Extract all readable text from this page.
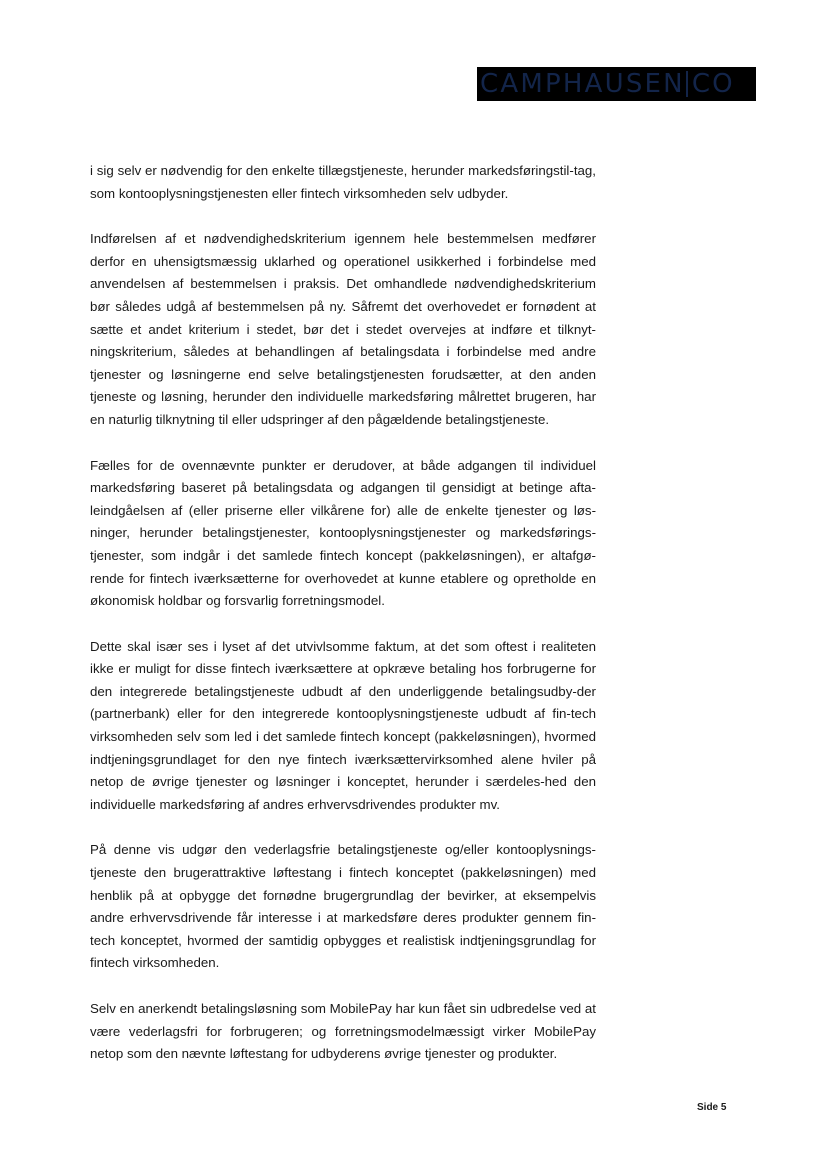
CAMPHAUSEN CO

i sig selv er nødvendig for den enkelte tillægstjeneste, herunder markedsføringstil-tag, som kontooplysningstjenesten eller fintech virksomheden selv udbyder.

Indførelsen af et nødvendighedskriterium igennem hele bestemmelsen medfører derfor en uhensigtsmæssig uklarhed og operationel usikkerhed i forbindelse med anvendelsen af bestemmelsen i praksis. Det omhandlede nødvendighedskriterium bør således udgå af bestemmelsen på ny. Såfremt det overhovedet er fornødent at sætte et andet kriterium i stedet, bør det i stedet overvejes at indføre et tilknyt-ningskriterium, således at behandlingen af betalingsdata i forbindelse med andre tjenester og løsningerne end selve betalingstjenesten forudsætter, at den anden tjeneste og løsning, herunder den individuelle markedsføring målrettet brugeren, har en naturlig tilknytning til eller udspringer af den pågældende betalingstjeneste.

Fælles for de ovennævnte punkter er derudover, at både adgangen til individuel markedsføring baseret på betalingsdata og adgangen til gensidigt at betinge afta-leindgåelsen af (eller priserne eller vilkårene for) alle de enkelte tjenester og løs-ninger, herunder betalingstjenester, kontooplysningstjenester og markedsførings-tjenester, som indgår i det samlede fintech koncept (pakkeløsningen), er altafgø-rende for fintech iværksætterne for overhovedet at kunne etablere og opretholde en økonomisk holdbar og forsvarlig forretningsmodel.

Dette skal især ses i lyset af det utvivlsomme faktum, at det som oftest i realiteten ikke er muligt for disse fintech iværksættere at opkræve betaling hos forbrugerne for den integrerede betalingstjeneste udbudt af den underliggende betalingsudby-der (partnerbank) eller for den integrerede kontooplysningstjeneste udbudt af fin-tech virksomheden selv som led i det samlede fintech koncept (pakkeløsningen), hvormed indtjeningsgrundlaget for den nye fintech iværksættervirksomhed alene hviler på netop de øvrige tjenester og løsninger i konceptet, herunder i særdeles-hed den individuelle markedsføring af andres erhvervsdrivendes produkter mv.

På denne vis udgør den vederlagsfrie betalingstjeneste og/eller kontooplysnings-tjeneste den brugerattraktive løftestang i fintech konceptet (pakkeløsningen) med henblik på at opbygge det fornødne brugergrundlag der bevirker, at eksempelvis andre erhvervsdrivende får interesse i at markedsføre deres produkter gennem fin-tech konceptet, hvormed der samtidig opbygges et realistisk indtjeningsgrundlag for fintech virksomheden.

Selv en anerkendt betalingsløsning som MobilePay har kun fået sin udbredelse ved at være vederlagsfri for forbrugeren; og forretningsmodelmæssigt virker MobilePay netop som den nævnte løftestang for udbyderens øvrige tjenester og produkter.

Side 5
